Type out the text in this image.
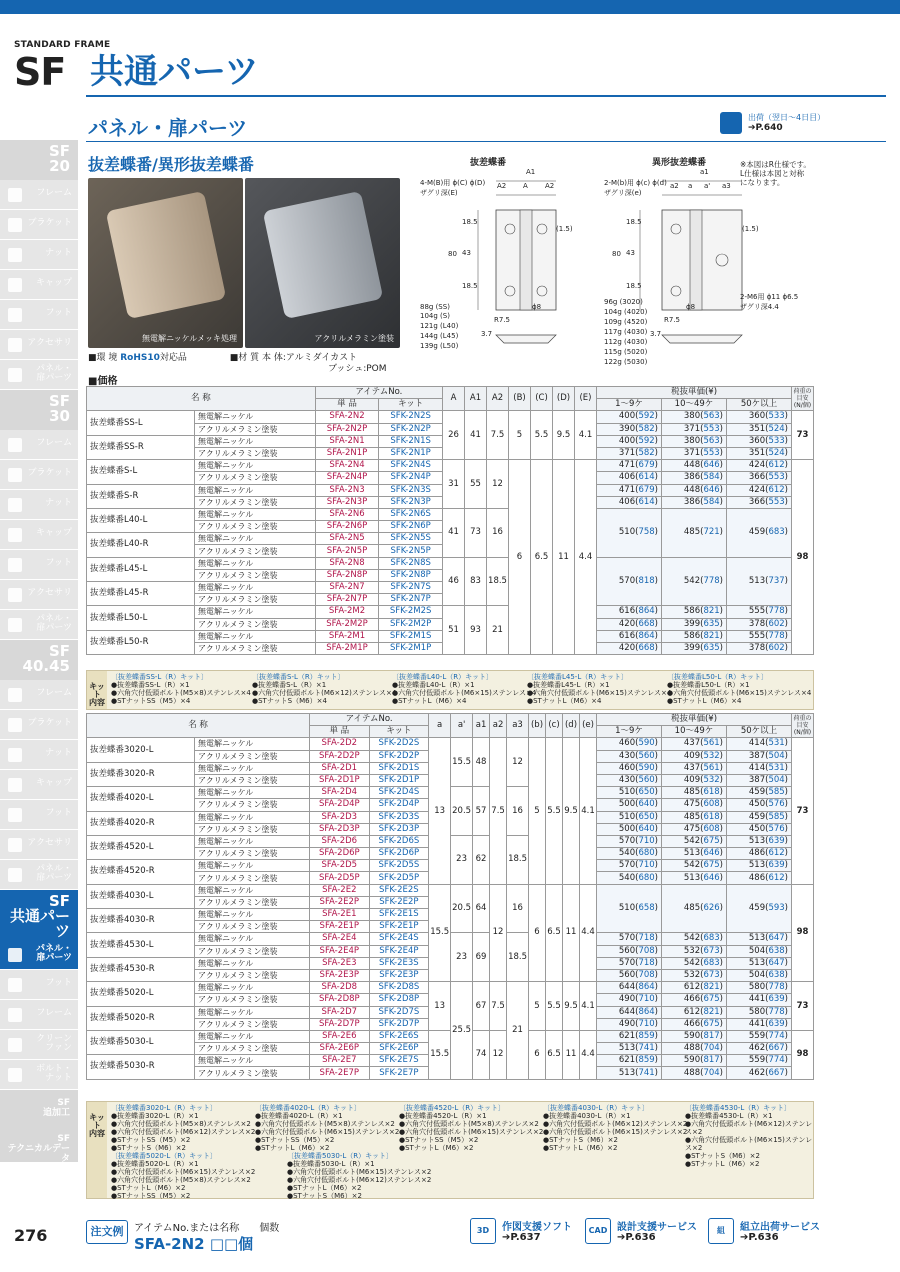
STANDARD FRAME
SF 共通パーツ
SF
20
フレーム
ブラケット
ナット
キャップ
フット
アクセサリ
パネル・
扉パーツ
SF
30
フレーム
ブラケット
ナット
キャップ
フット
アクセサリ
パネル・
扉パーツ
SF
40.45
フレーム
ブラケット
ナット
キャップ
フット
アクセサリ
パネル・
扉パーツ
SF
共通パーツ
パネル・
扉パーツ
フット
フレーム
クリーン
ファン
ボルト・
ナット
SF
追加工
SF
テクニカルデータ
パネル・扉パーツ	出荷（翌日〜4日目）
➔P.640
抜差蝶番/異形抜差蝶番
無電解ニッケルメッキ処理	アクリルメラミン塗装
抜差蝶番
A1
A2 A A2
4-M(B)用 ϕ(C) ϕ(D)
ザグリ深(E)
18.5
43
18.5
80
(1.5)
ϕ8
R7.5
3.7
88g (SS)
104g (S)
121g (L40)
144g (L45)
139g (L50)
異形抜差蝶番	※本図はR仕様です。
L仕様は本図と対称
になります。
a1
a2 a a' a3
2-M(b)用 ϕ(c) ϕ(d)
ザグリ深(e)
18.5
43
18.5
80
(1.5)
2-M6用 ϕ11 ϕ6.5
ザグリ深4.4
ϕ8
R7.5
3.7
96g (3020)
104g (4020)
109g (4520)
117g (4030)
112g (4030)
115g (5020)
122g (5030)
■環 境 RoHS10対応品	■材 質 本 体:アルミダイカスト
ブッシュ:POM
■価格
名 称		アイテムNo.		A	A1	A2	(B)	(C)	(D)	(E)	税抜単価(¥)			荷重の目安
(N/個)
		単 品	キット								1〜9ケ	10〜49ケ	50ケ以上	
抜差蝶番SS-L	無電解ニッケル	SFA-2N2	SFK-2N2S	26	41	7.5	5	5.5	9.5	4.1	400(592)	380(563)	360(533)	73
	アクリルメラミン塗装	SFA-2N2P	SFK-2N2P								390(582)	371(553)	351(524)	
抜差蝶番SS-R	無電解ニッケル	SFA-2N1	SFK-2N1S								400(592)	380(563)	360(533)	
	アクリルメラミン塗装	SFA-2N1P	SFK-2N1P								371(582)	371(553)	351(524)	
抜差蝶番S-L	無電解ニッケル	SFA-2N4	SFK-2N4S	31	55	12	6	6.5	11	4.4	471(679)	448(646)	424(612)	98
	アクリルメラミン塗装	SFA-2N4P	SFK-2N4P								406(614)	386(584)	366(553)	
抜差蝶番S-R	無電解ニッケル	SFA-2N3	SFK-2N3S								471(679)	448(646)	424(612)	
	アクリルメラミン塗装	SFA-2N3P	SFK-2N3P								406(614)	386(584)	366(553)	
抜差蝶番L40-L	無電解ニッケル	SFA-2N6	SFK-2N6S	41	73	16					510(758)	485(721)	459(683)	
	アクリルメラミン塗装	SFA-2N6P	SFK-2N6P											
抜差蝶番L40-R	無電解ニッケル	SFA-2N5	SFK-2N5S											
	アクリルメラミン塗装	SFA-2N5P	SFK-2N5P											
抜差蝶番L45-L	無電解ニッケル	SFA-2N8	SFK-2N8S	46	83	18.5					570(818)	542(778)	513(737)	
	アクリルメラミン塗装	SFA-2N8P	SFK-2N8P											
抜差蝶番L45-R	無電解ニッケル	SFA-2N7	SFK-2N7S											
	アクリルメラミン塗装	SFA-2N7P	SFK-2N7P											
抜差蝶番L50-L	無電解ニッケル	SFA-2M2	SFK-2M2S	51	93	21					616(864)	586(821)	555(778)	
	アクリルメラミン塗装	SFA-2M2P	SFK-2M2P								420(668)	399(635)	378(602)	
抜差蝶番L50-R	無電解ニッケル	SFA-2M1	SFK-2M1S								616(864)	586(821)	555(778)	
	アクリルメラミン塗装	SFA-2M1P	SFK-2M1P								420(668)	399(635)	378(602)	
キット
内容
〔抜差蝶番SS-L（R）キット〕
●抜差蝶番SS-L（R）×1
●六角穴付低頭ボルト(M5×8)ステンレス×4
●STナットSS（M5）×4
〔抜差蝶番S-L（R）キット〕
●抜差蝶番S-L（R）×1
●六角穴付低頭ボルト(M6×12)ステンレス×4
●STナットS（M6）×4
〔抜差蝶番L40-L（R）キット〕
●抜差蝶番L40-L（R）×1
●六角穴付低頭ボルト(M6×15)ステンレス×4
●STナットL（M6）×4
〔抜差蝶番L45-L（R）キット〕
●抜差蝶番L45-L（R）×1
●六角穴付低頭ボルト(M6×15)ステンレス×4
●STナットL（M6）×4
〔抜差蝶番L50-L（R）キット〕
●抜差蝶番L50-L（R）×1
●六角穴付低頭ボルト(M6×15)ステンレス×4
●STナットL（M6）×4
名 称		アイテムNo.		a	a'	a1	a2	a3	(b)	(c)	(d)	(e)	税抜単価(¥)			荷重の目安
(N/個)
		単 品	キット										1〜9ケ	10〜49ケ	50ケ以上	
抜差蝶番3020-L	無電解ニッケル	SFA-2D2	SFK-2D2S	13	15.5	48	7.5	12	5	5.5	9.5	4.1	460(590)	437(561)	414(531)	73
	アクリルメラミン塗装	SFA-2D2P	SFK-2D2P										430(560)	409(532)	387(504)	
抜差蝶番3020-R	無電解ニッケル	SFA-2D1	SFK-2D1S										460(590)	437(561)	414(531)	
	アクリルメラミン塗装	SFA-2D1P	SFK-2D1P										430(560)	409(532)	387(504)	
抜差蝶番4020-L	無電解ニッケル	SFA-2D4	SFK-2D4S		20.5	57		16					510(650)	485(618)	459(585)	
	アクリルメラミン塗装	SFA-2D4P	SFK-2D4P										500(640)	475(608)	450(576)	
抜差蝶番4020-R	無電解ニッケル	SFA-2D3	SFK-2D3S										510(650)	485(618)	459(585)	
	アクリルメラミン塗装	SFA-2D3P	SFK-2D3P										500(640)	475(608)	450(576)	
抜差蝶番4520-L	無電解ニッケル	SFA-2D6	SFK-2D6S		23	62		18.5					570(710)	542(675)	513(639)	
	アクリルメラミン塗装	SFA-2D6P	SFK-2D6P										540(680)	513(646)	486(612)	
抜差蝶番4520-R	無電解ニッケル	SFA-2D5	SFK-2D5S										570(710)	542(675)	513(639)	
	アクリルメラミン塗装	SFA-2D5P	SFK-2D5P										540(680)	513(646)	486(612)	
抜差蝶番4030-L	無電解ニッケル	SFA-2E2	SFK-2E2S	15.5	20.5	64	12	16	6	6.5	11	4.4	510(658)	485(626)	459(593)	98
	アクリルメラミン塗装	SFA-2E2P	SFK-2E2P													
抜差蝶番4030-R	無電解ニッケル	SFA-2E1	SFK-2E1S													
	アクリルメラミン塗装	SFA-2E1P	SFK-2E1P													
抜差蝶番4530-L	無電解ニッケル	SFA-2E4	SFK-2E4S		23	69		18.5					570(718)	542(683)	513(647)	
	アクリルメラミン塗装	SFA-2E4P	SFK-2E4P										560(708)	532(673)	504(638)	
抜差蝶番4530-R	無電解ニッケル	SFA-2E3	SFK-2E3S										570(718)	542(683)	513(647)	
	アクリルメラミン塗装	SFA-2E3P	SFK-2E3P										560(708)	532(673)	504(638)	
抜差蝶番5020-L	無電解ニッケル	SFA-2D8	SFK-2D8S	13	25.5	67	7.5	21	5	5.5	9.5	4.1	644(864)	612(821)	580(778)	73
	アクリルメラミン塗装	SFA-2D8P	SFK-2D8P										490(710)	466(675)	441(639)	
抜差蝶番5020-R	無電解ニッケル	SFA-2D7	SFK-2D7S										644(864)	612(821)	580(778)	
	アクリルメラミン塗装	SFA-2D7P	SFK-2D7P										490(710)	466(675)	441(639)	
抜差蝶番5030-L	無電解ニッケル	SFA-2E6	SFK-2E6S	15.5		74	12		6	6.5	11	4.4	621(859)	590(817)	559(774)	98
	アクリルメラミン塗装	SFA-2E6P	SFK-2E6P										513(741)	488(704)	462(667)	
抜差蝶番5030-R	無電解ニッケル	SFA-2E7	SFK-2E7S										621(859)	590(817)	559(774)	
	アクリルメラミン塗装	SFA-2E7P	SFK-2E7P										513(741)	488(704)	462(667)	
キット
内容
〔抜差蝶番3020-L（R）キット〕
●抜差蝶番3020-L（R）×1
●六角穴付低頭ボルト(M5×8)ステンレス×2
●六角穴付低頭ボルト(M6×12)ステンレス×2
●STナットSS（M5）×2
●STナットS（M6）×2
〔抜差蝶番4020-L（R）キット〕
●抜差蝶番4020-L（R）×1
●六角穴付低頭ボルト(M5×8)ステンレス×2
●六角穴付低頭ボルト(M6×15)ステンレス×2
●STナットSS（M5）×2
●STナットL（M6）×2
〔抜差蝶番4520-L（R）キット〕
●抜差蝶番4520-L（R）×1
●六角穴付低頭ボルト(M5×8)ステンレス×2
●六角穴付低頭ボルト(M6×15)ステンレス×2
●STナットSS（M5）×2
●STナットL（M6）×2
〔抜差蝶番4030-L（R）キット〕
●抜差蝶番4030-L（R）×1
●六角穴付低頭ボルト(M6×12)ステンレス×2
●六角穴付低頭ボルト(M6×15)ステンレス×2
●STナットS（M6）×2
●STナットL（M6）×2
〔抜差蝶番4530-L（R）キット〕
●抜差蝶番4530-L（R）×1
●六角穴付低頭ボルト(M6×12)ステンレス×2
●六角穴付低頭ボルト(M6×15)ステンレス×2
●STナットS（M6）×2
●STナットL（M6）×2
〔抜差蝶番5020-L（R）キット〕
●抜差蝶番5020-L（R）×1
●六角穴付低頭ボルト(M6×15)ステンレス×2
●六角穴付低頭ボルト(M5×8)ステンレス×2
●STナットL（M6）×2
●STナットSS（M5）×2
〔抜差蝶番5030-L（R）キット〕
●抜差蝶番5030-L（R）×1
●六角穴付低頭ボルト(M6×15)ステンレス×2
●六角穴付低頭ボルト(M6×12)ステンレス×2
●STナットL（M6）×2
●STナットS（M6）×2
276	注文例	アイテムNo.または名称　　個数
SFA-2N2 □□個
3D	作図支援ソフト
➔P.637
CAD 設計支援サービス
➔P.636
組	組立出荷サービス
➔P.636
